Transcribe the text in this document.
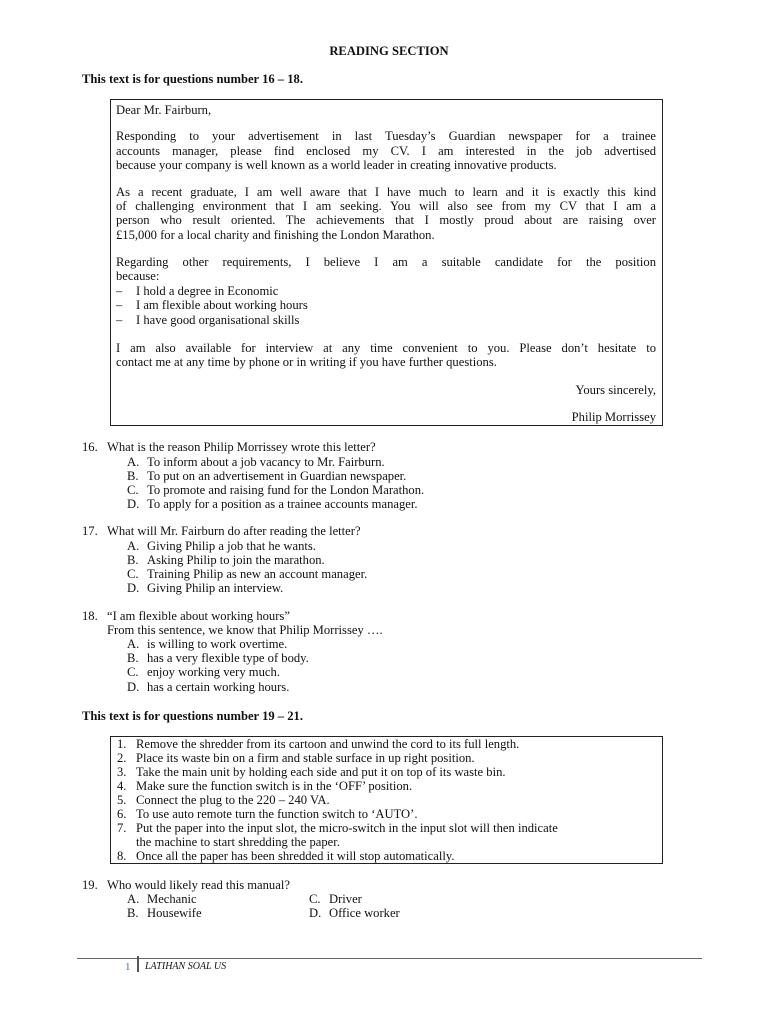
READING SECTION
This text is for questions number 16 – 18.
Dear Mr. Fairburn,
Responding to your advertisement in last Tuesday’s Guardian newspaper for a trainee
accounts manager, please find enclosed my CV. I am interested in the job advertised
because your company is well known as a world leader in creating innovative products.
As a recent graduate, I am well aware that I have much to learn and it is exactly this kind
of challenging environment that I am seeking. You will also see from my CV that I am a
person who result oriented. The achievements that I mostly proud about are raising over
£15,000 for a local charity and finishing the London Marathon.
Regarding other requirements, I believe I am a suitable candidate for the position
because:
– I hold a degree in Economic
– I am flexible about working hours
– I have good organisational skills
I am also available for interview at any time convenient to you. Please don’t hesitate to
contact me at any time by phone or in writing if you have further questions.
Yours sincerely,
Philip Morrissey
16. What is the reason Philip Morrissey wrote this letter?
A. To inform about a job vacancy to Mr. Fairburn.
B. To put on an advertisement in Guardian newspaper.
C. To promote and raising fund for the London Marathon.
D. To apply for a position as a trainee accounts manager.
17. What will Mr. Fairburn do after reading the letter?
A. Giving Philip a job that he wants.
B. Asking Philip to join the marathon.
C. Training Philip as new an account manager.
D. Giving Philip an interview.
18. “I am flexible about working hours”
From this sentence, we know that Philip Morrissey ….
A. is willing to work overtime.
B. has a very flexible type of body.
C. enjoy working very much.
D. has a certain working hours.
This text is for questions number 19 – 21.
1. Remove the shredder from its cartoon and unwind the cord to its full length.
2. Place its waste bin on a firm and stable surface in up right position.
3. Take the main unit by holding each side and put it on top of its waste bin.
4. Make sure the function switch is in the ‘OFF’ position.
5. Connect the plug to the 220 – 240 VA.
6. To use auto remote turn the function switch to ‘AUTO’.
7. Put the paper into the input slot, the micro-switch in the input slot will then indicate
the machine to start shredding the paper.
8. Once all the paper has been shredded it will stop automatically.
19. Who would likely read this manual?
A. Mechanic
B. Housewife
C. Driver
D. Office worker
1 LATIHAN SOAL US
